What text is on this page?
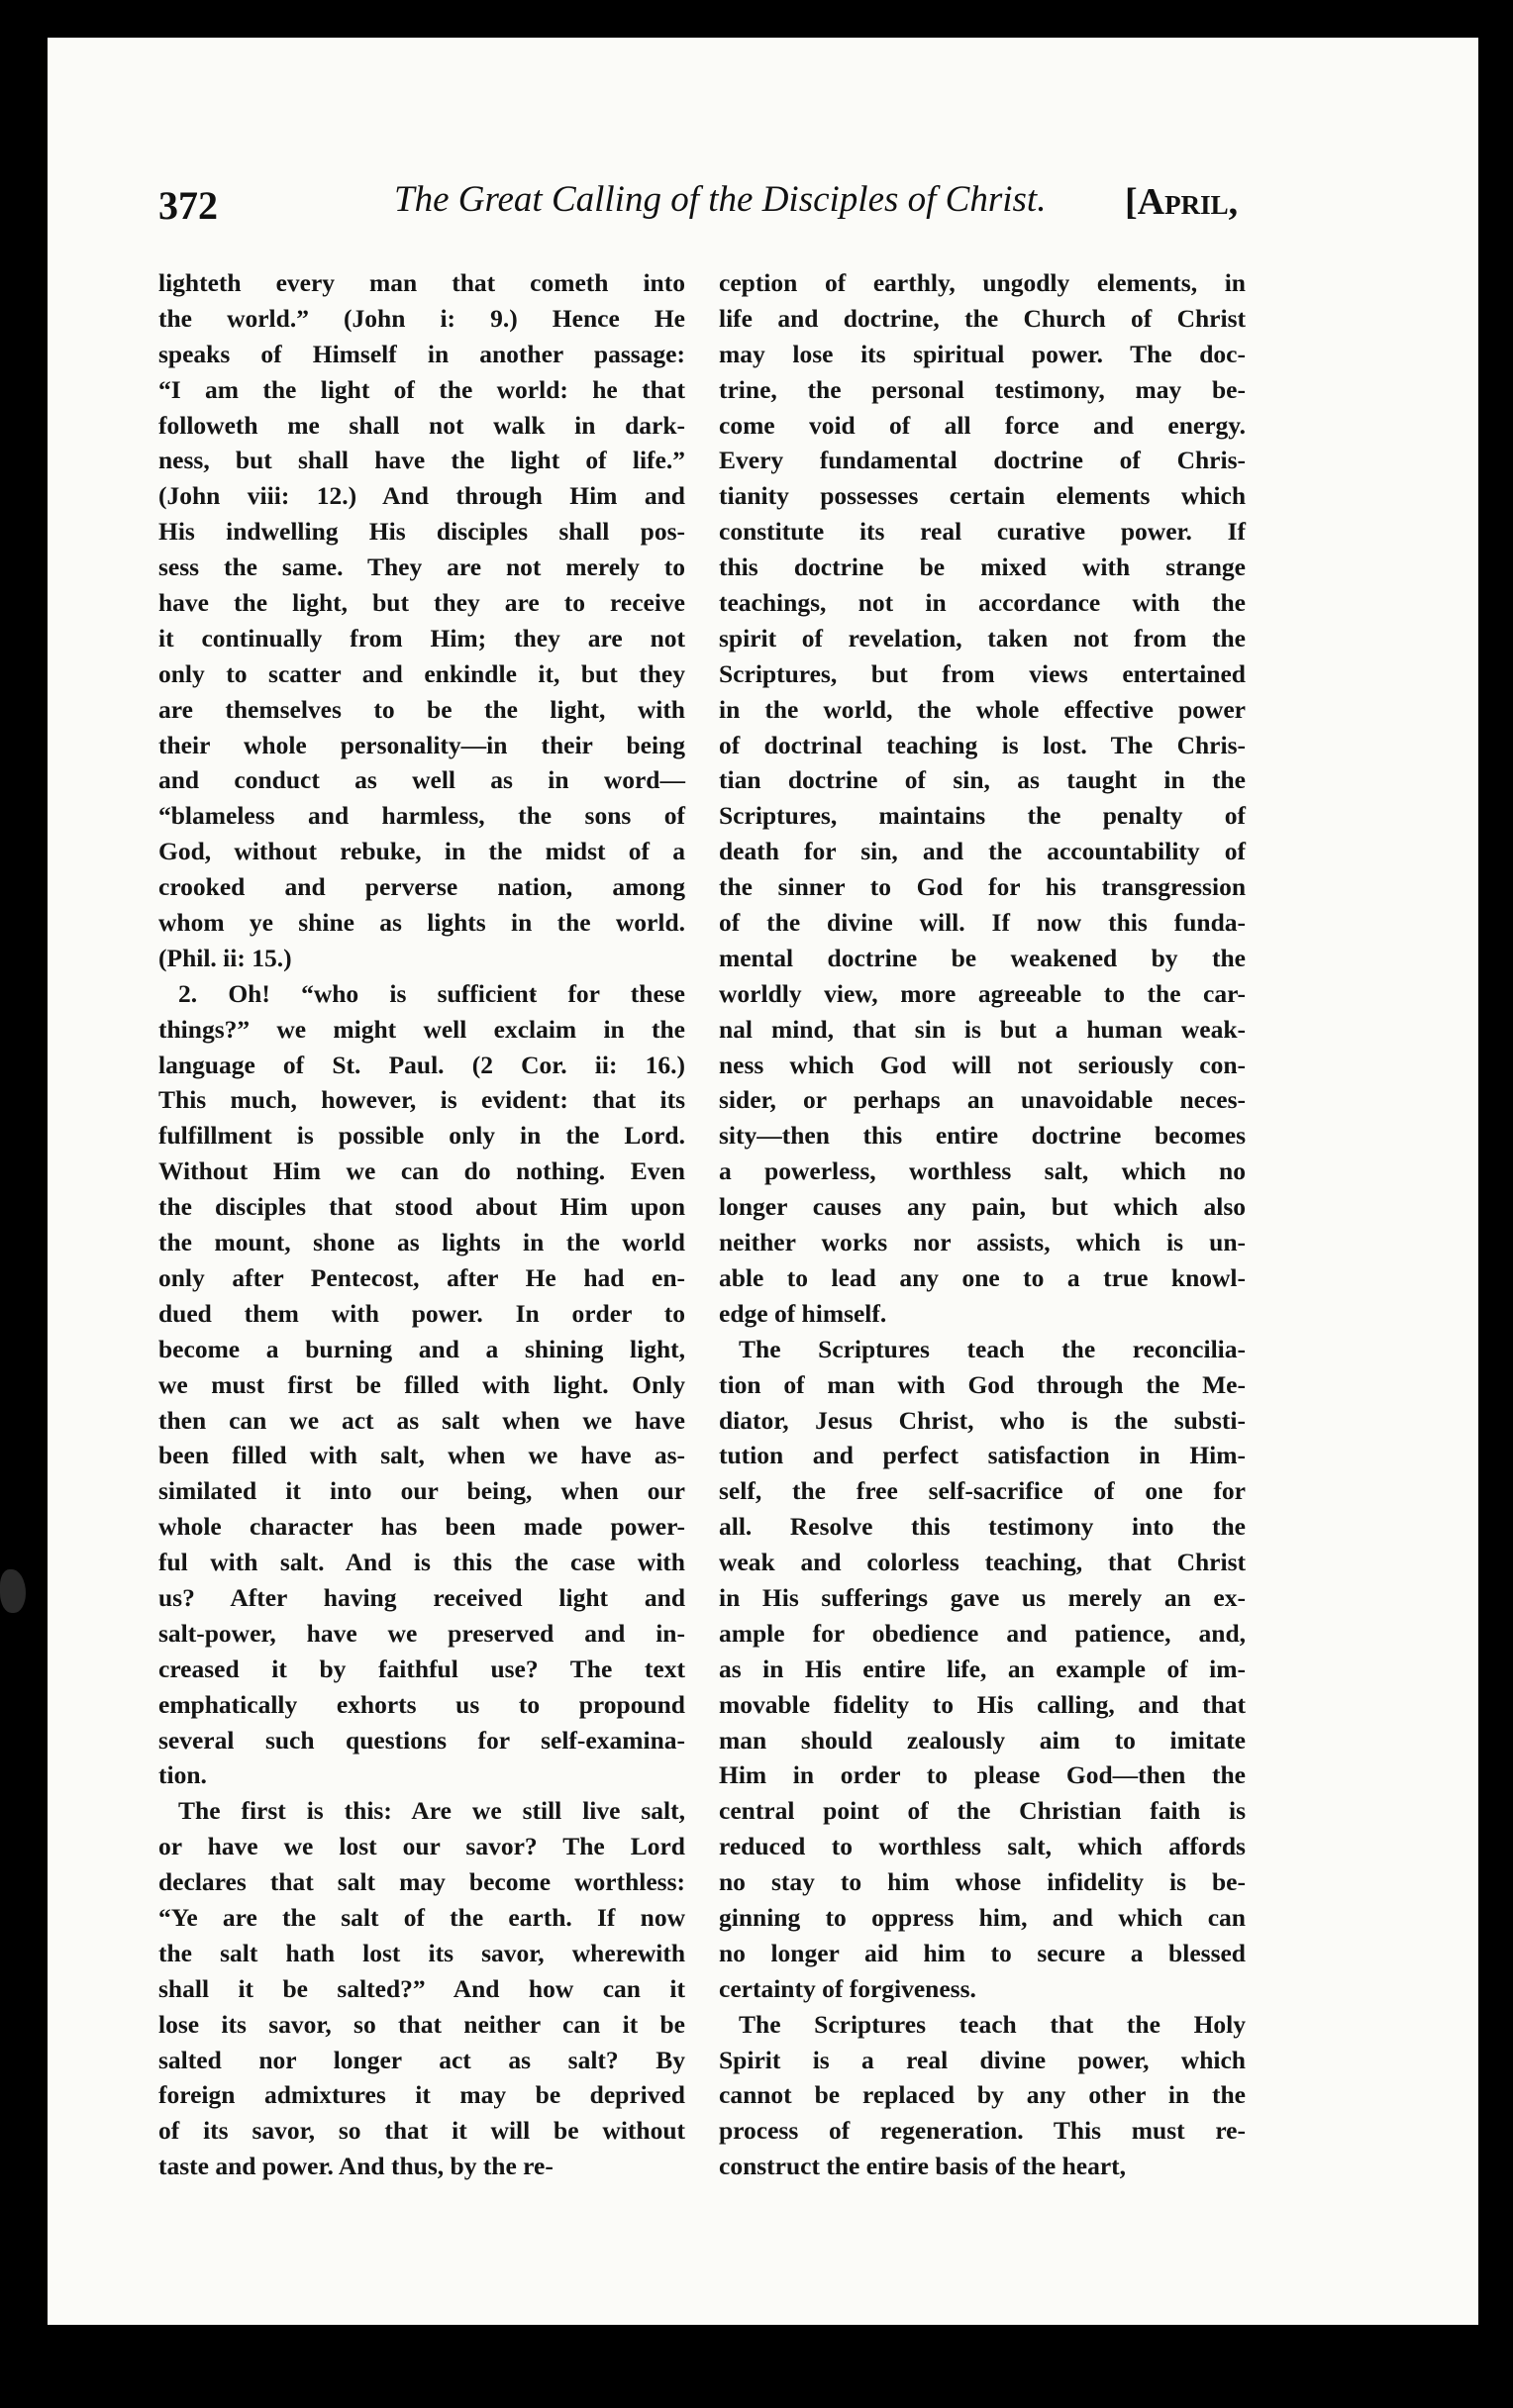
372	The Great Calling of the Disciples of Christ. [April,
lighteth every man that cometh into
the world.” (John i: 9.) Hence He
speaks of Himself in another passage:
“I am the light of the world: he that
followeth me shall not walk in dark-
ness, but shall have the light of life.”
(John viii: 12.) And through Him and
His indwelling His disciples shall pos-
sess the same. They are not merely to
have the light, but they are to receive
it continually from Him; they are not
only to scatter and enkindle it, but they
are themselves to be the light, with
their whole personality—in their being
and conduct as well as in word—
“blameless and harmless, the sons of
God, without rebuke, in the midst of a
crooked and perverse nation, among
whom ye shine as lights in the world.
(Phil. ii: 15.)
2. Oh! “who is sufficient for these
things?” we might well exclaim in the
language of St. Paul. (2 Cor. ii: 16.)
This much, however, is evident: that its
fulfillment is possible only in the Lord.
Without Him we can do nothing. Even
the disciples that stood about Him upon
the mount, shone as lights in the world
only after Pentecost, after He had en-
dued them with power. In order to
become a burning and a shining light,
we must first be filled with light. Only
then can we act as salt when we have
been filled with salt, when we have as-
similated it into our being, when our
whole character has been made power-
ful with salt. And is this the case with
us? After having received light and
salt-power, have we preserved and in-
creased it by faithful use? The text
emphatically exhorts us to propound
several such questions for self-examina-
tion.
The first is this: Are we still live salt,
or have we lost our savor? The Lord
declares that salt may become worthless:
“Ye are the salt of the earth. If now
the salt hath lost its savor, wherewith
shall it be salted?” And how can it
lose its savor, so that neither can it be
salted nor longer act as salt? By
foreign admixtures it may be deprived
of its savor, so that it will be without
taste and power. And thus, by the re-
ception of earthly, ungodly elements, in
life and doctrine, the Church of Christ
may lose its spiritual power. The doc-
trine, the personal testimony, may be-
come void of all force and energy.
Every fundamental doctrine of Chris-
tianity possesses certain elements which
constitute its real curative power. If
this doctrine be mixed with strange
teachings, not in accordance with the
spirit of revelation, taken not from the
Scriptures, but from views entertained
in the world, the whole effective power
of doctrinal teaching is lost. The Chris-
tian doctrine of sin, as taught in the
Scriptures, maintains the penalty of
death for sin, and the accountability of
the sinner to God for his transgression
of the divine will. If now this funda-
mental doctrine be weakened by the
worldly view, more agreeable to the car-
nal mind, that sin is but a human weak-
ness which God will not seriously con-
sider, or perhaps an unavoidable neces-
sity—then this entire doctrine becomes
a powerless, worthless salt, which no
longer causes any pain, but which also
neither works nor assists, which is un-
able to lead any one to a true knowl-
edge of himself.
The Scriptures teach the reconcilia-
tion of man with God through the Me-
diator, Jesus Christ, who is the substi-
tution and perfect satisfaction in Him-
self, the free self-sacrifice of one for
all. Resolve this testimony into the
weak and colorless teaching, that Christ
in His sufferings gave us merely an ex-
ample for obedience and patience, and,
as in His entire life, an example of im-
movable fidelity to His calling, and that
man should zealously aim to imitate
Him in order to please God—then the
central point of the Christian faith is
reduced to worthless salt, which affords
no stay to him whose infidelity is be-
ginning to oppress him, and which can
no longer aid him to secure a blessed
certainty of forgiveness.
The Scriptures teach that the Holy
Spirit is a real divine power, which
cannot be replaced by any other in the
process of regeneration. This must re-
construct the entire basis of the heart,
